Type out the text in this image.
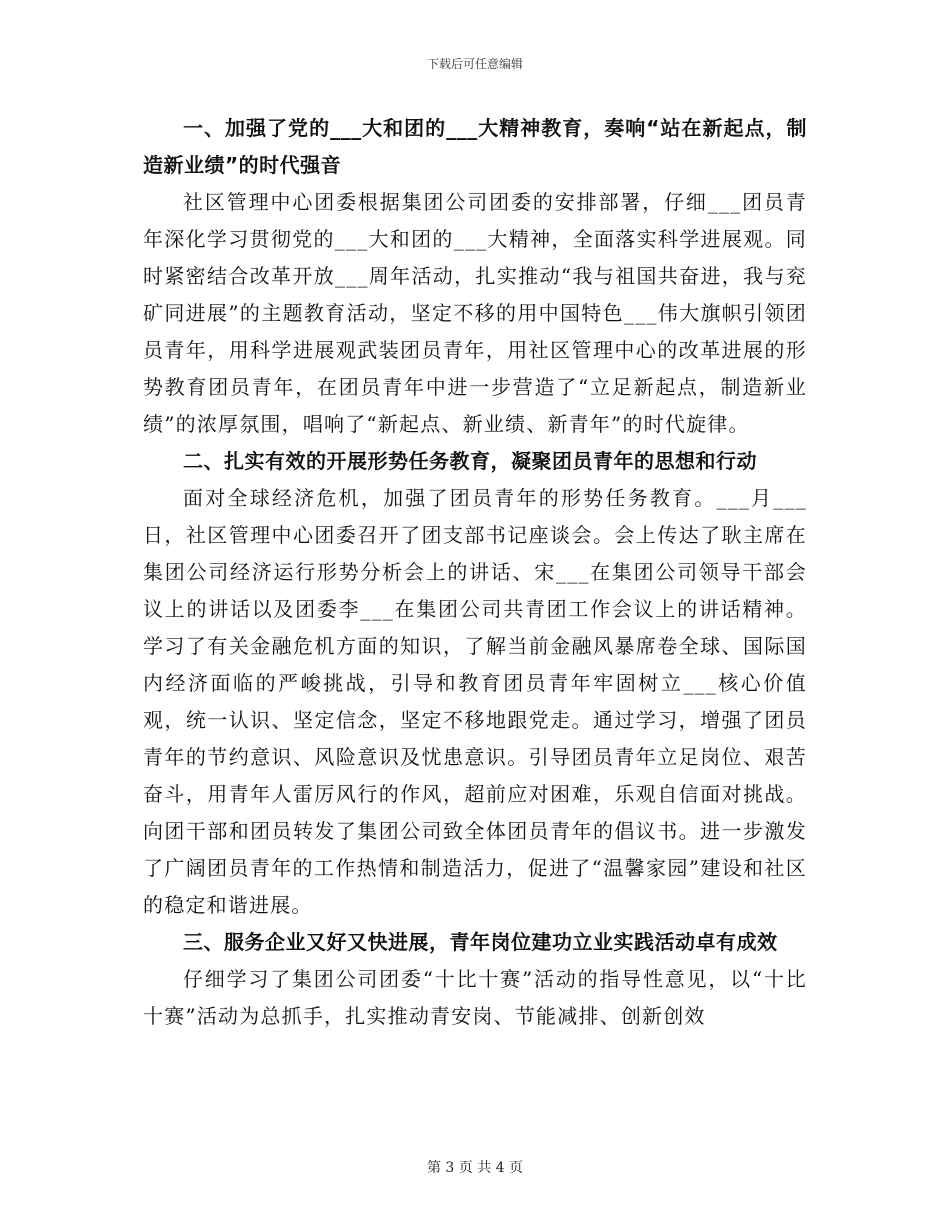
下载后可任意编辑

一、加强了党的___大和团的___大精神教育，奏响“站在新起点，制造新业绩”的时代强音

社区管理中心团委根据集团公司团委的安排部署，仔细___团员青年深化学习贯彻党的___大和团的___大精神，全面落实科学进展观。同时紧密结合改革开放___周年活动，扎实推动“我与祖国共奋进，我与兖矿同进展”的主题教育活动，坚定不移的用中国特色___伟大旗帜引领团员青年，用科学进展观武装团员青年，用社区管理中心的改革进展的形势教育团员青年，在团员青年中进一步营造了“立足新起点，制造新业绩”的浓厚氛围，唱响了“新起点、新业绩、新青年”的时代旋律。

二、扎实有效的开展形势任务教育，凝聚团员青年的思想和行动

面对全球经济危机，加强了团员青年的形势任务教育。___月___日，社区管理中心团委召开了团支部书记座谈会。会上传达了耿主席在集团公司经济运行形势分析会上的讲话、宋___在集团公司领导干部会议上的讲话以及团委李___在集团公司共青团工作会议上的讲话精神。学习了有关金融危机方面的知识，了解当前金融风暴席卷全球、国际国内经济面临的严峻挑战，引导和教育团员青年牢固树立___核心价值观，统一认识、坚定信念，坚定不移地跟党走。通过学习，增强了团员青年的节约意识、风险意识及忧患意识。引导团员青年立足岗位、艰苦奋斗，用青年人雷厉风行的作风，超前应对困难，乐观自信面对挑战。向团干部和团员转发了集团公司致全体团员青年的倡议书。进一步激发了广阔团员青年的工作热情和制造活力，促进了“温馨家园”建设和社区的稳定和谐进展。

三、服务企业又好又快进展，青年岗位建功立业实践活动卓有成效

仔细学习了集团公司团委“十比十赛”活动的指导性意见，以“十比十赛”活动为总抓手，扎实推动青安岗、节能减排、创新创效

第 3 页 共 4 页
